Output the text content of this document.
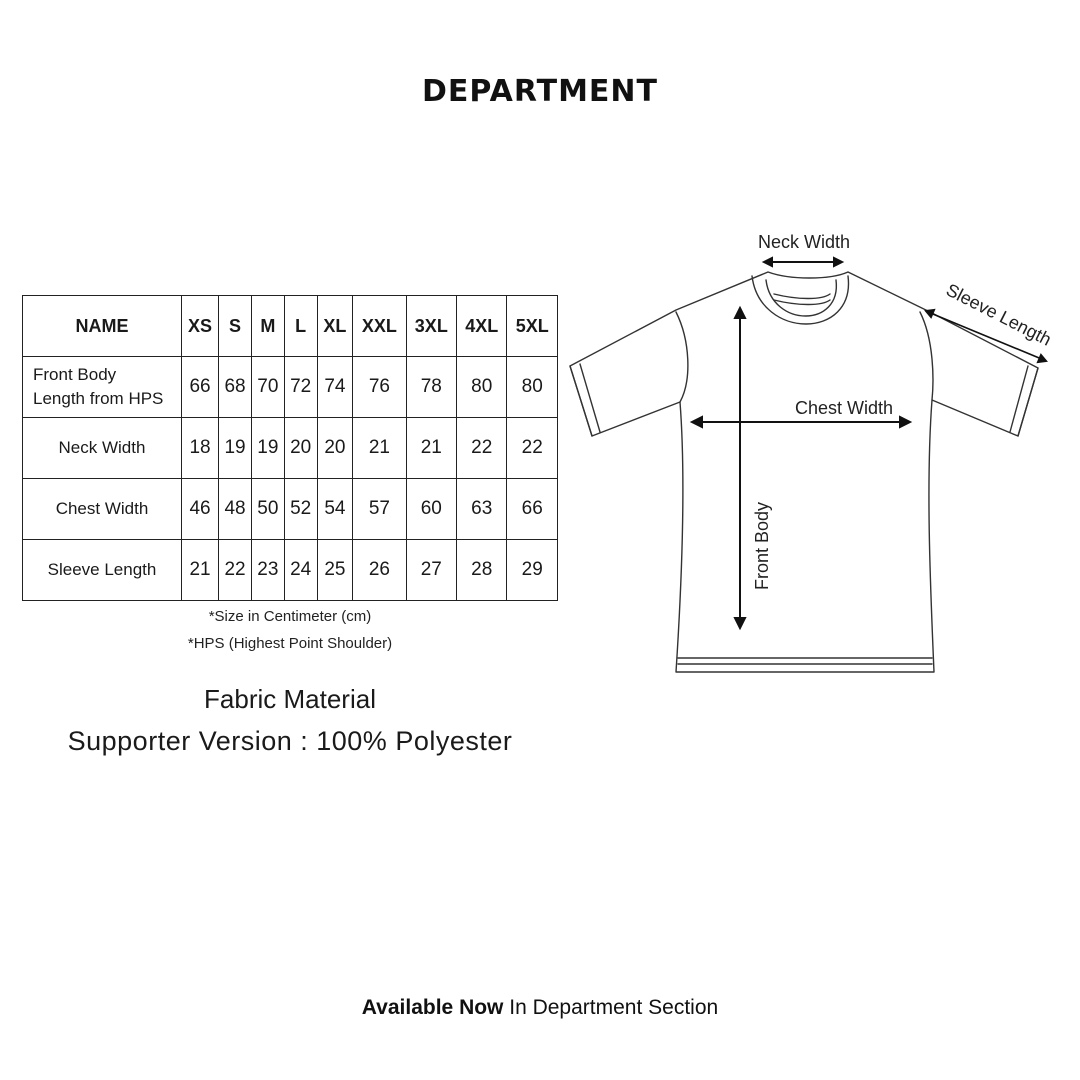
DEPARTMENT
NAME	XS	S	M	L	XL	XXL	3XL	4XL	5XL
Front Body
Length from HPS	66	68	70	72	74	76	78	80	80
Neck Width	18	19	19	20	20	21	21	22	22
Chest Width	46	48	50	52	54	57	60	63	66
Sleeve Length	21	22	23	24	25	26	27	28	29
*Size in Centimeter (cm)
*HPS (Highest Point Shoulder)
Fabric Material
Supporter Version : 100% Polyester
Neck Width
Sleeve Length
Chest Width
Front Body
Available Now In Department Section
